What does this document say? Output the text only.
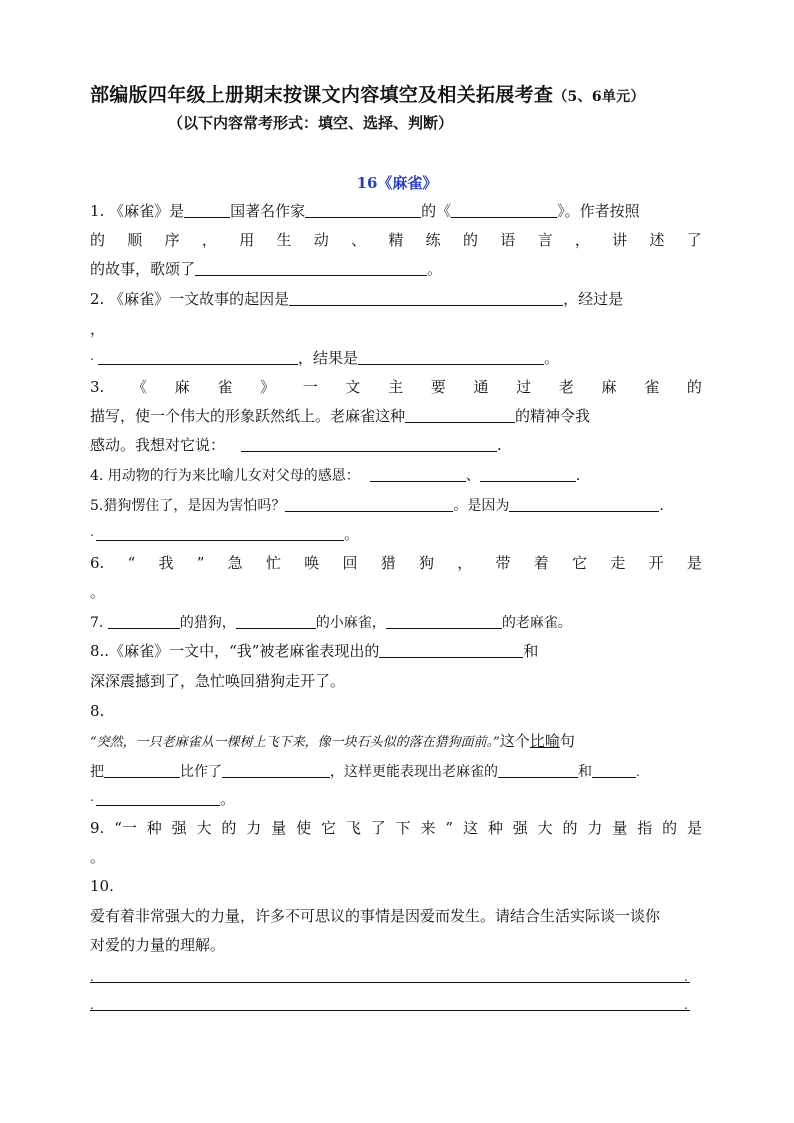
部编版四年级上册期末按课文内容填空及相关拓展考查（5、6单元）
（以下内容常考形式：填空、选择、判断）
16《麻雀》
1. 《麻雀》是	国著名作家	的《	》。作者按照
的 顺 序 ， 用 生 动 、 精 练 的 语 言 ， 讲 述 了
的故事，歌颂了	。
2. 《麻雀》一文故事的起因是	，经过是
，
.	，结果是	。
3. 《 麻 雀 》 一 文 主 要 通 过 老 麻 雀 的
描写，使一个伟大的形象跃然纸上。老麻雀这种	的精神令我
感动。我想对它说：	.
4. 用动物的行为来比喻儿女对父母的感恩：	、	.
5.猎狗愣住了，是因为害怕吗？	。是因为	.
.	。
6. “ 我 ” 急 忙 唤 回 猎 狗 ， 带 着 它 走 开 是
。
7.	的猎狗，	的小麻雀，	的老麻雀。
8..《麻雀》一文中，“我”被老麻雀表现出的	和
深深震撼到了，急忙唤回猎狗走开了。
8.
“突然，一只老麻雀从一棵树上飞下来，像一块石头似的落在猎狗面前。”这个比喻句
把	比作了	，这样更能表现出老麻雀的	和	.
.	。
9. “一 种 强 大 的 力 量 使 它 飞 了 下 来 ” 这 种 强 大 的 力 量 指 的 是
。
10.
爱有着非常强大的力量，许多不可思议的事情是因爱而发生。请结合生活实际谈一谈你
对爱的力量的理解。
.	.
.	.
